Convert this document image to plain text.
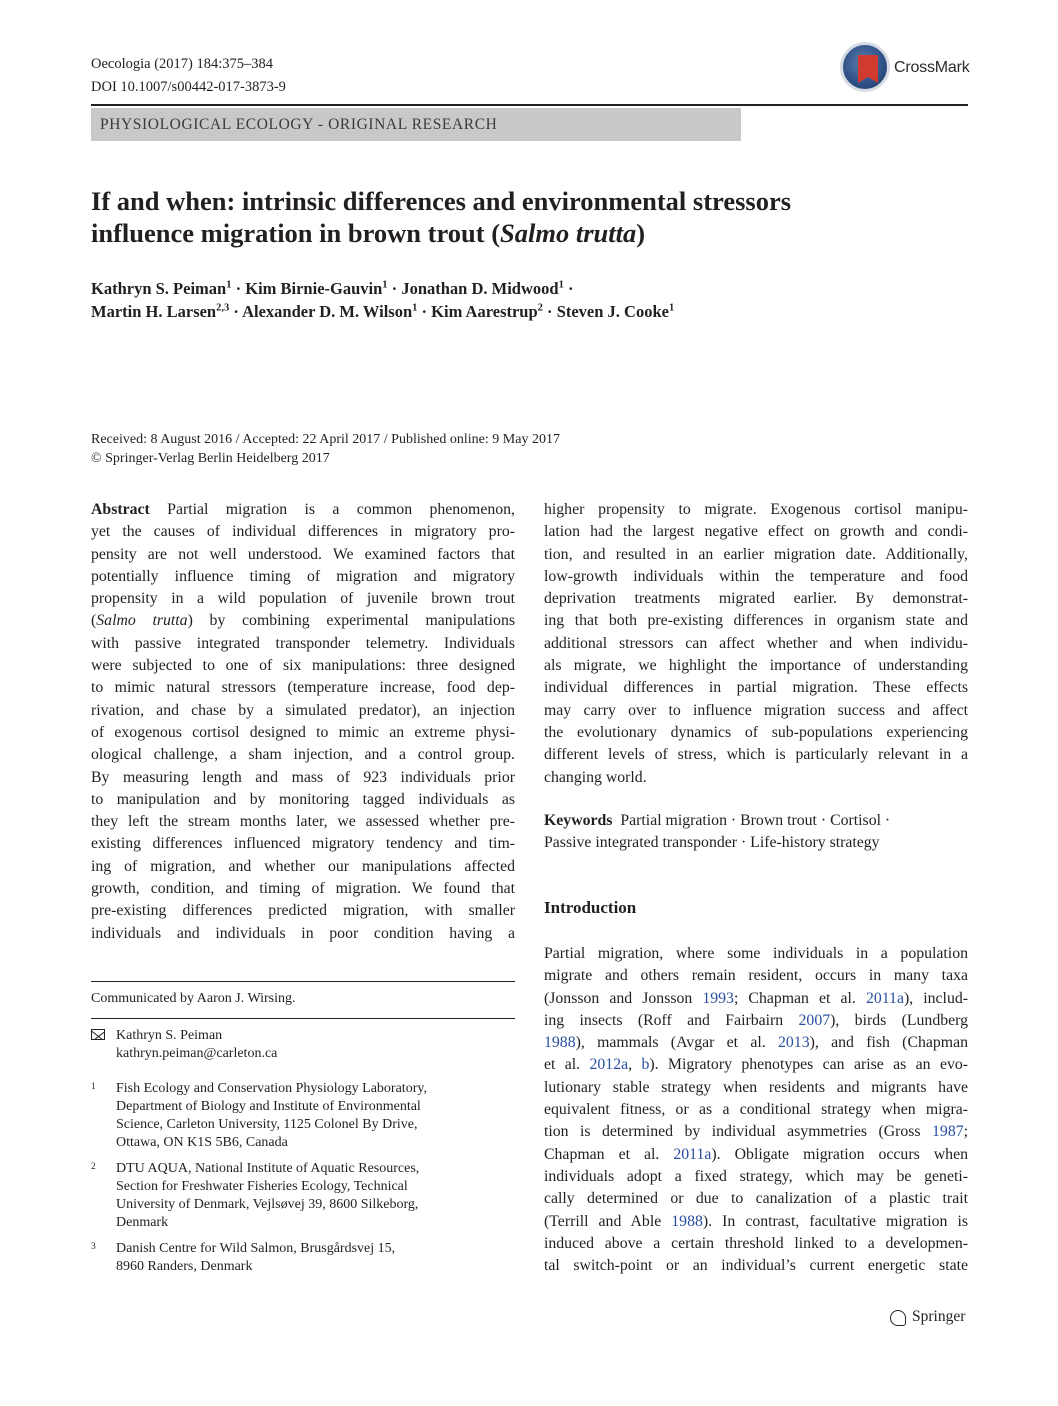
Oecologia (2017) 184:375–384
DOI 10.1007/s00442-017-3873-9
CrossMark
PHYSIOLOGICAL ECOLOGY - ORIGINAL RESEARCH
If and when: intrinsic differences and environmental stressors
influence migration in brown trout (Salmo trutta)
Kathryn S. Peiman$^1$ · Kim Birnie-Gauvin$^1$ · Jonathan D. Midwood$^1$ ·
Martin H. Larsen$^{2,3}$ · Alexander D. M. Wilson$^1$ · Kim Aarestrup$^2$ · Steven J. Cooke$^1$
Received: 8 August 2016 / Accepted: 22 April 2017 / Published online: 9 May 2017
© Springer-Verlag Berlin Heidelberg 2017
Abstract Partial migration is a common phenomenon,
yet the causes of individual differences in migratory pro-
pensity are not well understood. We examined factors that
potentially influence timing of migration and migratory
propensity in a wild population of juvenile brown trout
(Salmo trutta) by combining experimental manipulations
with passive integrated transponder telemetry. Individuals
were subjected to one of six manipulations: three designed
to mimic natural stressors (temperature increase, food dep-
rivation, and chase by a simulated predator), an injection
of exogenous cortisol designed to mimic an extreme physi-
ological challenge, a sham injection, and a control group.
By measuring length and mass of 923 individuals prior
to manipulation and by monitoring tagged individuals as
they left the stream months later, we assessed whether pre-
existing differences influenced migratory tendency and tim-
ing of migration, and whether our manipulations affected
growth, condition, and timing of migration. We found that
pre-existing differences predicted migration, with smaller
individuals and individuals in poor condition having a
higher propensity to migrate. Exogenous cortisol manipu-
lation had the largest negative effect on growth and condi-
tion, and resulted in an earlier migration date. Additionally,
low-growth individuals within the temperature and food
deprivation treatments migrated earlier. By demonstrat-
ing that both pre-existing differences in organism state and
additional stressors can affect whether and when individu-
als migrate, we highlight the importance of understanding
individual differences in partial migration. These effects
may carry over to influence migration success and affect
the evolutionary dynamics of sub-populations experiencing
different levels of stress, which is particularly relevant in a
changing world.
Keywords Partial migration · Brown trout · Cortisol ·
Passive integrated transponder · Life-history strategy
Introduction
Partial migration, where some individuals in a population
migrate and others remain resident, occurs in many taxa
(Jonsson and Jonsson 1993; Chapman et al. 2011a), includ-
ing insects (Roff and Fairbairn 2007), birds (Lundberg
1988), mammals (Avgar et al. 2013), and fish (Chapman
et al. 2012a, b). Migratory phenotypes can arise as an evo-
lutionary stable strategy when residents and migrants have
equivalent fitness, or as a conditional strategy when migra-
tion is determined by individual asymmetries (Gross 1987;
Chapman et al. 2011a). Obligate migration occurs when
individuals adopt a fixed strategy, which may be geneti-
cally determined or due to canalization of a plastic trait
(Terrill and Able 1988). In contrast, facultative migration is
induced above a certain threshold linked to a developmen-
tal switch-point or an individual’s current energetic state
Communicated by Aaron J. Wirsing.
Kathryn S. Peiman
kathryn.peiman@carleton.ca
1 Fish Ecology and Conservation Physiology Laboratory,
Department of Biology and Institute of Environmental
Science, Carleton University, 1125 Colonel By Drive,
Ottawa, ON K1S 5B6, Canada
2 DTU AQUA, National Institute of Aquatic Resources,
Section for Freshwater Fisheries Ecology, Technical
University of Denmark, Vejlsøvej 39, 8600 Silkeborg,
Denmark
3 Danish Centre for Wild Salmon, Brusgårdsvej 15,
8960 Randers, Denmark
Springer
